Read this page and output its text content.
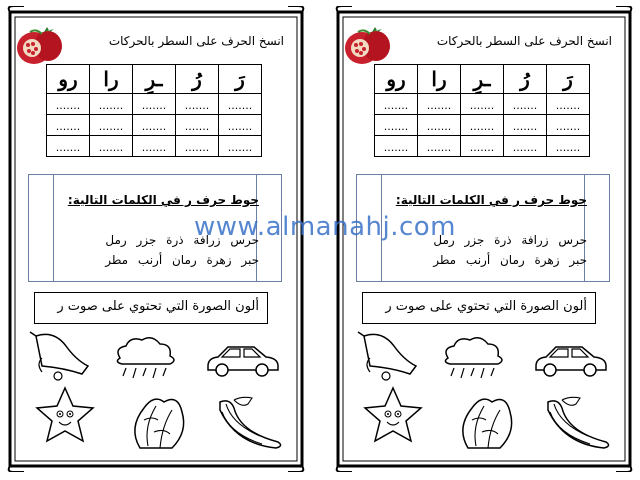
انسخ الحرف على السطر بالحركات
رَ	رُ	ـرِ	را	رو
.......	.......	.......	.......	.......
.......	.......	.......	.......	.......
.......	.......	.......	.......	.......
حوط حرف ر في الكلمات التالية:
حرس زرافة ذرة جزر رمل
حبر زهرة رمان أرنب مطر
ألون الصورة التي تحتوي على صوت ر
انسخ الحرف على السطر بالحركات
رَ	رُ	ـرِ	را	رو
.......	.......	.......	.......	.......
.......	.......	.......	.......	.......
.......	.......	.......	.......	.......
حوط حرف ر في الكلمات التالية:
حرس زرافة ذرة جزر رمل
حبر زهرة رمان أرنب مطر
ألون الصورة التي تحتوي على صوت ر
www.almanahj.com
